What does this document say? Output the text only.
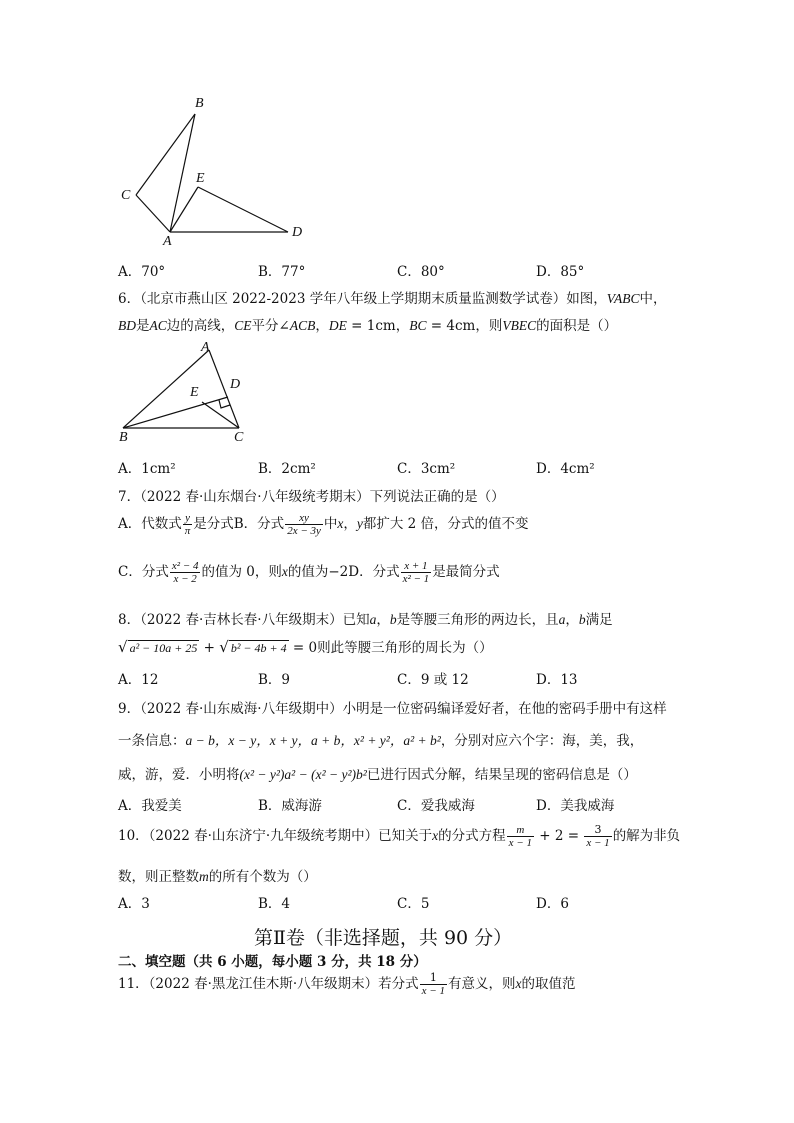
B
C
E
A
D
A．70°	B．77°	C．80°	D．85°
6．（北京市燕山区 2022-2023 学年八年级上学期期末质量监测数学试卷）如图，VABC中，
BD是AC边的高线，CE平分∠ACB，DE = 1cm，BC = 4cm，则VBEC的面积是（）
A
D
E
B	C
A．1cm²	B．2cm²	C．3cm²	D．4cm²
7．（2022 春·山东烟台·八年级统考期末）下列说法正确的是（）
A．代数式 $\frac{y}{\pi}$ 是分式B．分式 $\frac{xy}{2x - 3y}$ 中x，y都扩大 2 倍，分式的值不变
C．分式 $\frac{\text{x² − 4}}{x - 2}$ 的值为 0，则x的值为−2D．分式 $\frac{x + 1}{\text{x² − 1}}$ 是最简分式
8．（2022 春·吉林长春·八年级期末）已知a，b是等腰三角形的两边长，且a，b满足
√ a² − 10a + 25 + √ b² − 4b + 4 = 0则此等腰三角形的周长为（）
A．12	B．9	C．9 或 12	D．13
9．（2022 春·山东威海·八年级期中）小明是一位密码编译爱好者，在他的密码手册中有这样
一条信息：a − b，x − y，x + y，a + b，x² + y²，a² + b²，分别对应六个字：海，美，我，
威，游，爱．小明将(x² − y²)a² − (x² − y²)b²已进行因式分解，结果呈现的密码信息是（）
A．我爱美	B．威海游	C．爱我威海	D．美我威海
10．（2022 春·山东济宁·九年级统考期中）已知关于x的分式方程 $\frac{m}{x - 1} + 2 = \frac{3}{x - 1}$ 的解为非负
数，则正整数m的所有个数为（）
A．3	B．4	C．5	D．6
第Ⅱ卷（非选择题，共 90 分）
二、填空题（共 6 小题，每小题 3 分，共 18 分）
11．（2022 春·黑龙江佳木斯·八年级期末）若分式 $\frac{1}{x - 1}$ 有意义，则x的取值范
